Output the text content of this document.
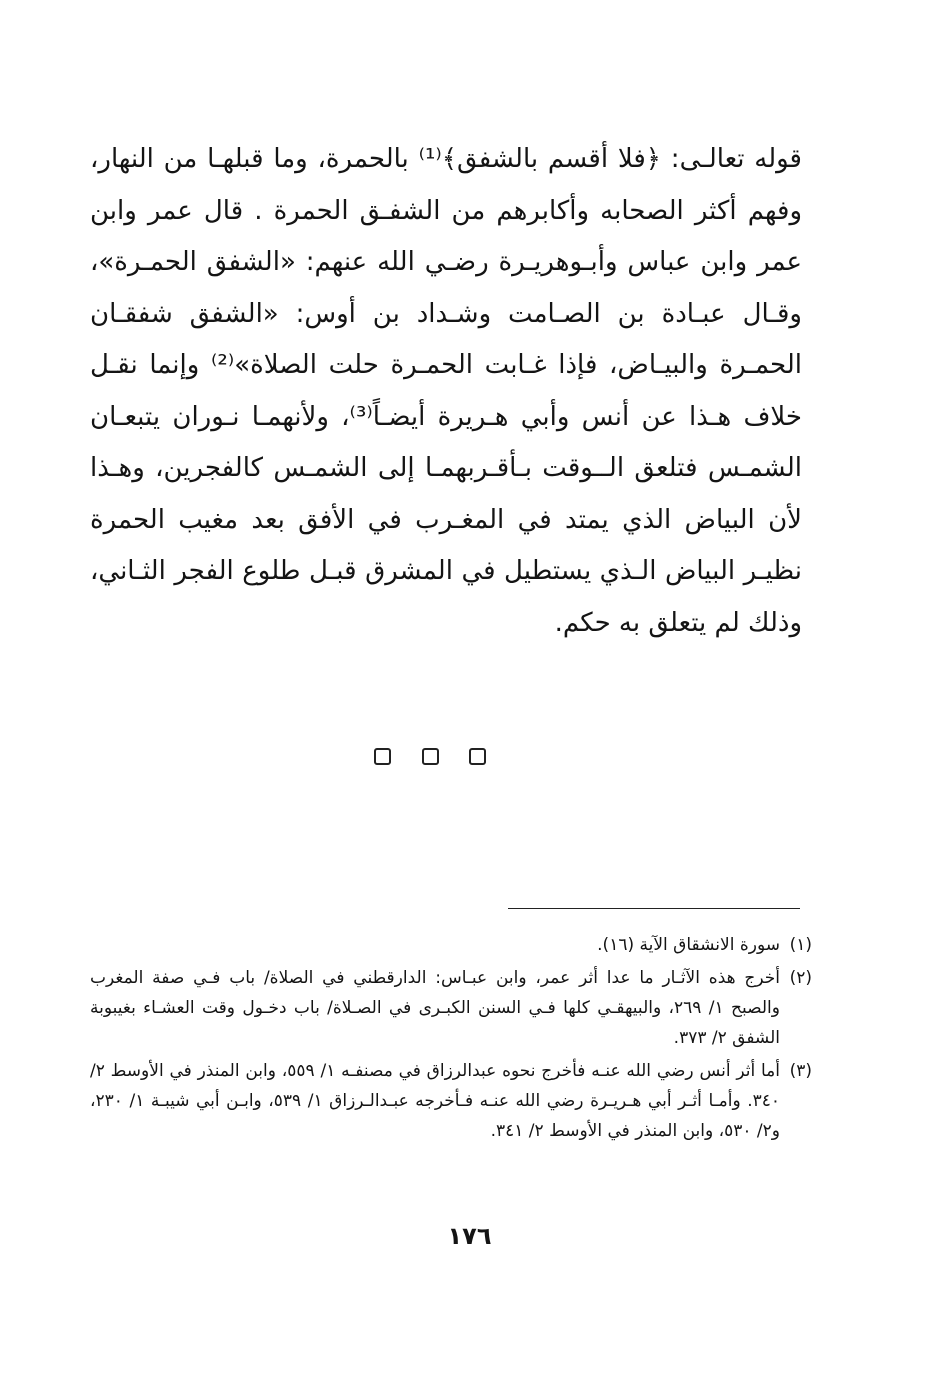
قوله تعالـى: ﴿فلا أقسم بالشفق﴾⁽¹⁾ بالحمرة، وما قبلهـا من النهار، وفهم أكثر الصحابه وأكابرهم من الشفـق الحمرة . قال عمر وابن عمر وابن عباس وأبـوهريـرة رضـي الله عنهم: «الشفق الحمـرة»، وقـال عبـادة بن الصـامت وشـداد بن أوس: «الشفق شفقـان الحمـرة والبيـاض، فإذا غـابت الحمـرة حلت الصلاة»⁽²⁾ وإنما نقـل خلاف هـذا عن أنس وأبي هـريرة أيضـاً⁽³⁾، ولأنهمـا نـوران يتبعـان الشمـس فتلعق الــوقت بـأقـربهمـا إلى الشمـس كالفجرين، وهـذا لأن البياض الذي يمتد في المغـرب في الأفق بعد مغيب الحمرة نظيـر البياض الـذي يستطيل في المشرق قبـل طلوع الفجر الثـاني، وذلك لم يتعلق به حكم.

(١)
سورة الانشقاق الآية (١٦).
(٢)
أخرج هذه الآثـار ما عدا أثر عمر، وابن عبـاس: الدارقطني في الصلاة/ باب فـي صفة المغرب والصبح ١/ ٢٦٩، والبيهقـي كلها فـي السنن الكبـرى في الصـلاة/ باب دخـول وقت العشـاء بغيبوبة الشفق ٢/ ٣٧٣.
(٣)
أما أثر أنس رضي الله عنـه فأخرج نحوه عبدالرزاق في مصنفـه ١/ ٥٥٩، وابن المنذر في الأوسط ٢/ ٣٤٠. وأمـا أثـر أبي هـريـرة رضي الله عنـه فـأخرجه عبـدالـرزاق ١/ ٥٣٩، وابـن أبي شيبـة ١/ ٢٣٠، و٢/ ٥٣٠، وابن المنذر في الأوسط ٢/ ٣٤١.
١٧٦
